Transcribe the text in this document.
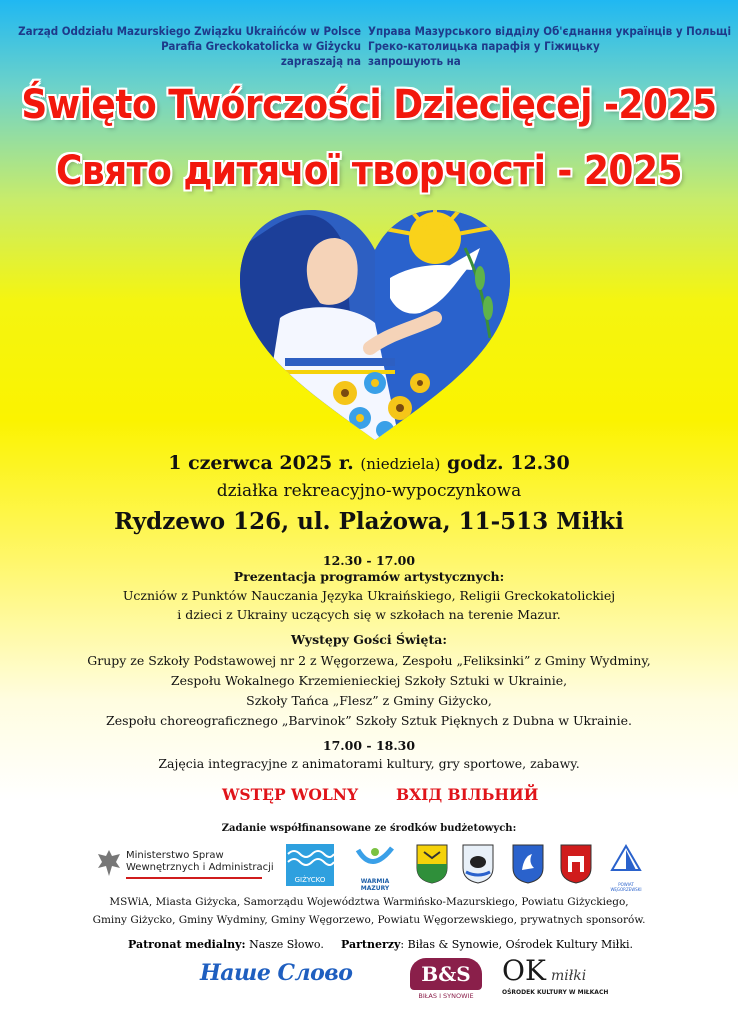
Zarząd Oddziału Mazurskiego Związku Ukraińców w Polsce
Parafia Greckokatolicka w Giżycku
zapraszają na
Управа Мазурського відділу Об'єднання українців у Польщі
Греко-католицька парафія у Гіжицьку
запрошують на
Święto Twórczości Dziecięcej -2025
Свято дитячої творчості - 2025
1 czerwca 2025 r. (niedziela) godz. 12.30
działka rekreacyjno-wypoczynkowa
Rydzewo 126, ul. Plażowa, 11-513 Miłki
12.30 - 17.00
Prezentacja programów artystycznych:
Uczniów z Punktów Nauczania Języka Ukraińskiego, Religii Greckokatolickiej
i dzieci z Ukrainy uczących się w szkołach na terenie Mazur.
Występy Gości Święta:
Grupy ze Szkoły Podstawowej nr 2 z Węgorzewa, Zespołu „Feliksinki” z Gminy Wydminy,
Zespołu Wokalnego Krzemienieckiej Szkoły Sztuki w Ukrainie,
Szkoły Tańca „Flesz” z Gminy Giżycko,
Zespołu choreograficznego „Barvinok” Szkoły Sztuk Pięknych z Dubna w Ukrainie.
17.00 - 18.30
Zajęcia integracyjne z animatorami kultury, gry sportowe, zabawy.
WSTĘP WOLNY ВХІД ВІЛЬНИЙ
Zadanie współfinansowane ze środków budżetowych:
Ministerstwo Spraw
Wewnętrznych i Administracji
GIŻYCKO	WARMIA MAZURY
POWIAT WĘGORZEWSKI
MSWiA, Miasta Giżycka, Samorządu Województwa Warmińsko-Mazurskiego, Powiatu Giżyckiego,
Gminy Giżycko, Gminy Wydminy, Gminy Węgorzewo, Powiatu Węgorzewskiego, prywatnych sponsorów.
Patronat medialny: Nasze Słowo. Partnerzy: Biłas & Synowie, Ośrodek Kultury Miłki.
Наше Слово	B&S
BIŁAS I SYNOWIE
OK miłki
OŚRODEK KULTURY W MIŁKACH
